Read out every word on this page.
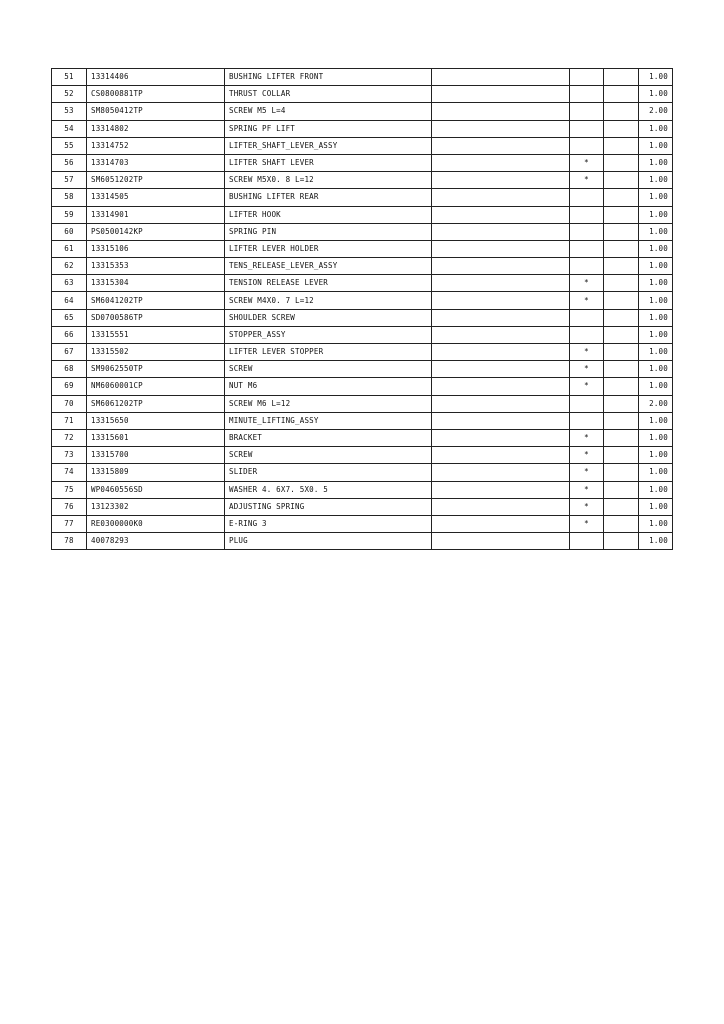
51	13314406	BUSHING LIFTER FRONT				1.00
52	CS0800881TP	THRUST COLLAR				1.00
53	SM8050412TP	SCREW M5 L=4				2.00
54	13314802	SPRING PF LIFT				1.00
55	13314752	LIFTER_SHAFT_LEVER_ASSY				1.00
56	13314703	LIFTER SHAFT LEVER		*		1.00
57	SM6051202TP	SCREW M5X0. 8 L=12		*		1.00
58	13314505	BUSHING LIFTER REAR				1.00
59	13314901	LIFTER HOOK				1.00
60	PS0500142KP	SPRING PIN				1.00
61	13315106	LIFTER LEVER HOLDER				1.00
62	13315353	TENS_RELEASE_LEVER_ASSY				1.00
63	13315304	TENSION RELEASE LEVER		*		1.00
64	SM6041202TP	SCREW M4X0. 7 L=12		*		1.00
65	SD0700586TP	SHOULDER SCREW				1.00
66	13315551	STOPPER_ASSY				1.00
67	13315502	LIFTER LEVER STOPPER		*		1.00
68	SM9062550TP	SCREW		*		1.00
69	NM6060001CP	NUT M6		*		1.00
70	SM6061202TP	SCREW M6 L=12				2.00
71	13315650	MINUTE_LIFTING_ASSY				1.00
72	13315601	BRACKET		*		1.00
73	13315700	SCREW		*		1.00
74	13315809	SLIDER		*		1.00
75	WP0460556SD	WASHER 4. 6X7. 5X0. 5		*		1.00
76	13123302	ADJUSTING SPRING		*		1.00
77	RE0300000K0	E-RING 3		*		1.00
78	40078293	PLUG				1.00
